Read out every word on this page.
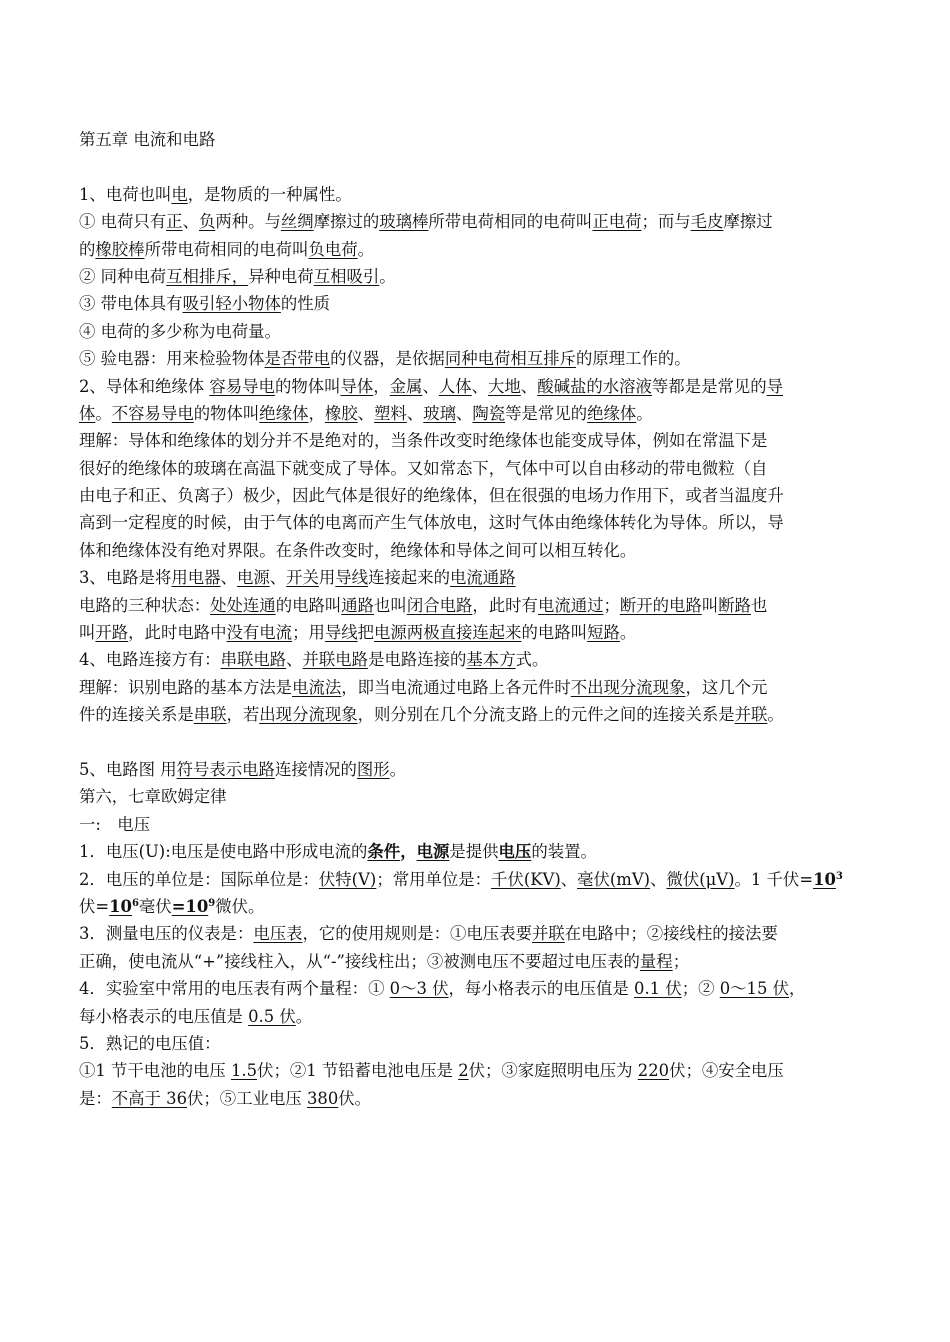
第五章 电流和电路
1、电荷也叫电，是物质的一种属性。
① 电荷只有正、负两种。与丝绸摩擦过的玻璃棒所带电荷相同的电荷叫正电荷；而与毛皮摩擦过
的橡胶棒所带电荷相同的电荷叫负电荷。
② 同种电荷互相排斥，异种电荷互相吸引。
③ 带电体具有吸引轻小物体的性质
④ 电荷的多少称为电荷量。
⑤ 验电器：用来检验物体是否带电的仪器，是依据同种电荷相互排斥的原理工作的。
2、导体和绝缘体 容易导电的物体叫导体，金属、人体、大地、酸碱盐的水溶液等都是是常见的导
体。不容易导电的物体叫绝缘体，橡胶、塑料、玻璃、陶瓷等是常见的绝缘体。
理解：导体和绝缘体的划分并不是绝对的，当条件改变时绝缘体也能变成导体，例如在常温下是
很好的绝缘体的玻璃在高温下就变成了导体。又如常态下，气体中可以自由移动的带电微粒（自
由电子和正、负离子）极少，因此气体是很好的绝缘体，但在很强的电场力作用下，或者当温度升
高到一定程度的时候，由于气体的电离而产生气体放电，这时气体由绝缘体转化为导体。所以，导
体和绝缘体没有绝对界限。在条件改变时，绝缘体和导体之间可以相互转化。
3、电路是将用电器、电源、开关用导线连接起来的电流通路
电路的三种状态：处处连通的电路叫通路也叫闭合电路，此时有电流通过；断开的电路叫断路也
叫开路，此时电路中没有电流；用导线把电源两极直接连起来的电路叫短路。
4、电路连接方有：串联电路、并联电路是电路连接的基本方式。
理解：识别电路的基本方法是电流法，即当电流通过电路上各元件时不出现分流现象，这几个元
件的连接关系是串联，若出现分流现象，则分别在几个分流支路上的元件之间的连接关系是并联。
5、电路图 用符号表示电路连接情况的图形。
第六，七章欧姆定律
一:　电压
1．电压(U):电压是使电路中形成电流的条件，电源是提供电压的装置。
2．电压的单位是：国际单位是：伏特(V)；常用单位是：千伏(KV)、毫伏(mV)、微伏(μV)。1 千伏$=10^3$
伏$=10^6$毫伏$=10^9$微伏。
3．测量电压的仪表是：电压表，它的使用规则是：①电压表要并联在电路中；②接线柱的接法要
正确，使电流从“+”接线柱入，从“-”接线柱出；③被测电压不要超过电压表的量程；
4．实验室中常用的电压表有两个量程：① 0～3 伏，每小格表示的电压值是 0.1 伏；② 0～15 伏，
每小格表示的电压值是 0.5 伏。
5．熟记的电压值：
①1 节干电池的电压 1.5伏；②1 节铅蓄电池电压是 2伏；③家庭照明电压为 220伏；④安全电压
是：不高于 36伏；⑤工业电压 380伏。
